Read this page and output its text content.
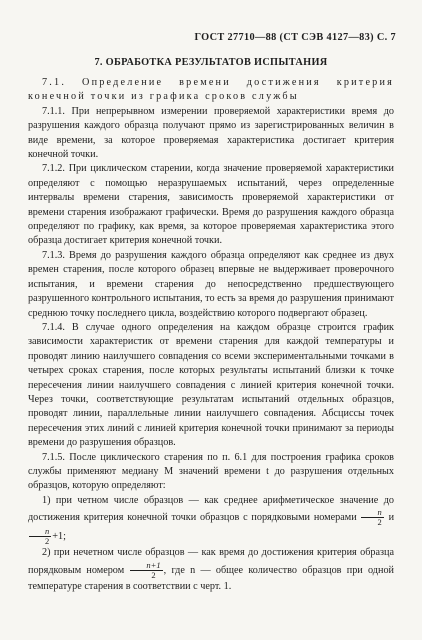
ГОСТ 27710—88 (СТ СЭВ 4127—83) С. 7
7. ОБРАБОТКА РЕЗУЛЬТАТОВ ИСПЫТАНИЯ

7.1. Определение времени достижения критерия конечной точки из графика сроков службы

7.1.1. При непрерывном измерении проверяемой характеристики время до разрушения каждого образца получают прямо из зарегистрированных величин в виде времени, за которое проверяемая характеристика достигает критерия конечной точки.

7.1.2. При циклическом старении, когда значение проверяемой характеристики определяют с помощью неразрушаемых испытаний, через определенные интервалы времени старения, зависимость проверяемой характеристики от времени старения изображают графически. Время до разрушения каждого образца определяют по графику, как время, за которое проверяемая характеристика этого образца достигает критерия конечной точки.

7.1.3. Время до разрушения каждого образца определяют как среднее из двух времен старения, после которого образец впервые не выдерживает проверочного испытания, и времени старения до непосредственно предшествующего разрушенного контрольного испытания, то есть за время до разрушения принимают среднюю точку последнего цикла, воздействию которого подвергают образец.

7.1.4. В случае одного определения на каждом образце строится график зависимости характеристик от времени старения для каждой температуры и проводят линию наилучшего совпадения со всеми экспериментальными точками в четырех сроках старения, после которых результаты испытаний близки к точке пересечения линии наилучшего совпадения с линией критерия конечной точки. Через точки, соответствующие результатам испытаний отдельных образцов, проводят линии, параллельные линии наилучшего совпадения. Абсциссы точек пересечения этих линий с линией критерия конечной точки принимают за периоды времени до разрушения образцов.

7.1.5. После циклического старения по п. 6.1 для построения графика сроков службы применяют медиану M значений времени t до разрушения отдельных образцов, которую определяют:

1) при четном числе образцов — как среднее арифметическое значение до достижения критерия конечной точки образцов с порядковыми номерами $\frac{n}{2}$ и
$\frac{n}{2} +1$;

2) при нечетном числе образцов — как время до достижения критерия образца порядковым номером $\frac{n+1}{2}$ , где n — общее количество образцов при одной температуре старения в соответствии с черт. 1.
